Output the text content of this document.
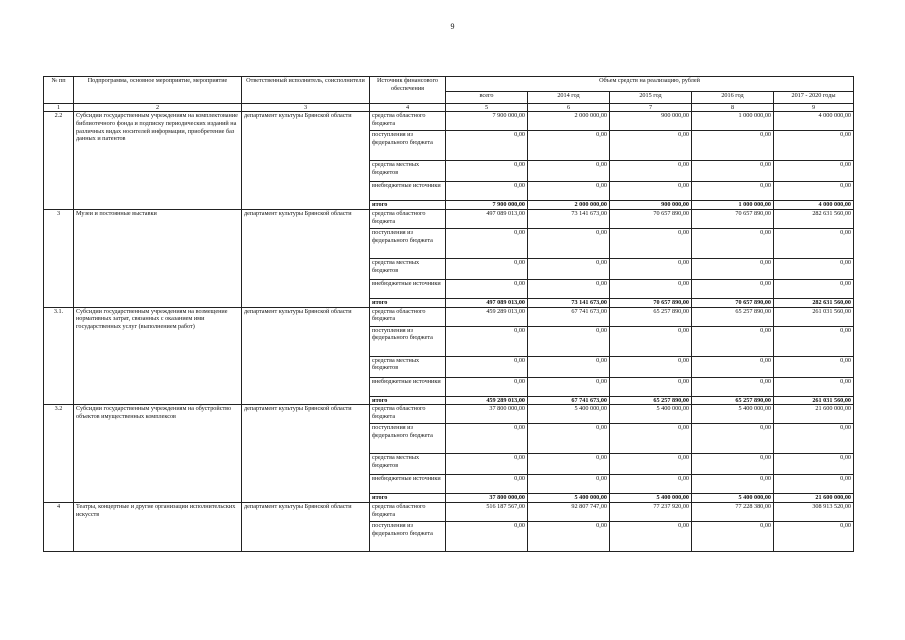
9
№ пп	Подпрограмма, основное мероприятие, мероприятие	Ответственный исполнитель, соисполнители	Источник финансового обеспечения	Объем средств на реализацию, рублей				
				всего	2014 год	2015 год	2016 год	2017 - 2020 годы
1	2	3	4	5	6	7	8	9
2.2	Субсидии государственным учреждениям на комплектование библиотечного фонда и подписку периодических изданий на различных видах носителей информации, приобретение баз данных и патентов	департамент культуры Брянской области	средства областного бюджета	7 900 000,00	2 000 000,00	900 000,00	1 000 000,00	4 000 000,00
			поступления из федерального бюджета	0,00	0,00	0,00	0,00	0,00
			средства местных бюджетов	0,00	0,00	0,00	0,00	0,00
			внебюджетные источники	0,00	0,00	0,00	0,00	0,00
			итого	7 900 000,00	2 000 000,00	900 000,00	1 000 000,00	4 000 000,00
3	Музеи и постоянные выставки	департамент культуры Брянской области	средства областного бюджета	497 089 013,00	73 141 673,00	70 657 890,00	70 657 890,00	282 631 560,00
			поступления из федерального бюджета	0,00	0,00	0,00	0,00	0,00
			средства местных бюджетов	0,00	0,00	0,00	0,00	0,00
			внебюджетные источники	0,00	0,00	0,00	0,00	0,00
			итого	497 089 013,00	73 141 673,00	70 657 890,00	70 657 890,00	282 631 560,00
3.1.	Субсидии государственным учреждениям на возмещение нормативных затрат, связанных с оказанием ими государственных услуг (выполнением работ)	департамент культуры Брянской области	средства областного бюджета	459 289 013,00	67 741 673,00	65 257 890,00	65 257 890,00	261 031 560,00
			поступления из федерального бюджета	0,00	0,00	0,00	0,00	0,00
			средства местных бюджетов	0,00	0,00	0,00	0,00	0,00
			внебюджетные источники	0,00	0,00	0,00	0,00	0,00
			итого	459 289 013,00	67 741 673,00	65 257 890,00	65 257 890,00	261 031 560,00
3.2	Субсидии государственным учреждениям на обустройство объектов имущественных комплексов	департамент культуры Брянской области	средства областного бюджета	37 800 000,00	5 400 000,00	5 400 000,00	5 400 000,00	21 600 000,00
			поступления из федерального бюджета	0,00	0,00	0,00	0,00	0,00
			средства местных бюджетов	0,00	0,00	0,00	0,00	0,00
			внебюджетные источники	0,00	0,00	0,00	0,00	0,00
			итого	37 800 000,00	5 400 000,00	5 400 000,00	5 400 000,00	21 600 000,00
4	Театры, концертные и другие организации исполнительских искусств	департамент культуры Брянской области	средства областного бюджета	516 187 567,00	92 807 747,00	77 237 920,00	77 228 380,00	308 913 520,00
			поступления из федерального бюджета	0,00	0,00	0,00	0,00	0,00
